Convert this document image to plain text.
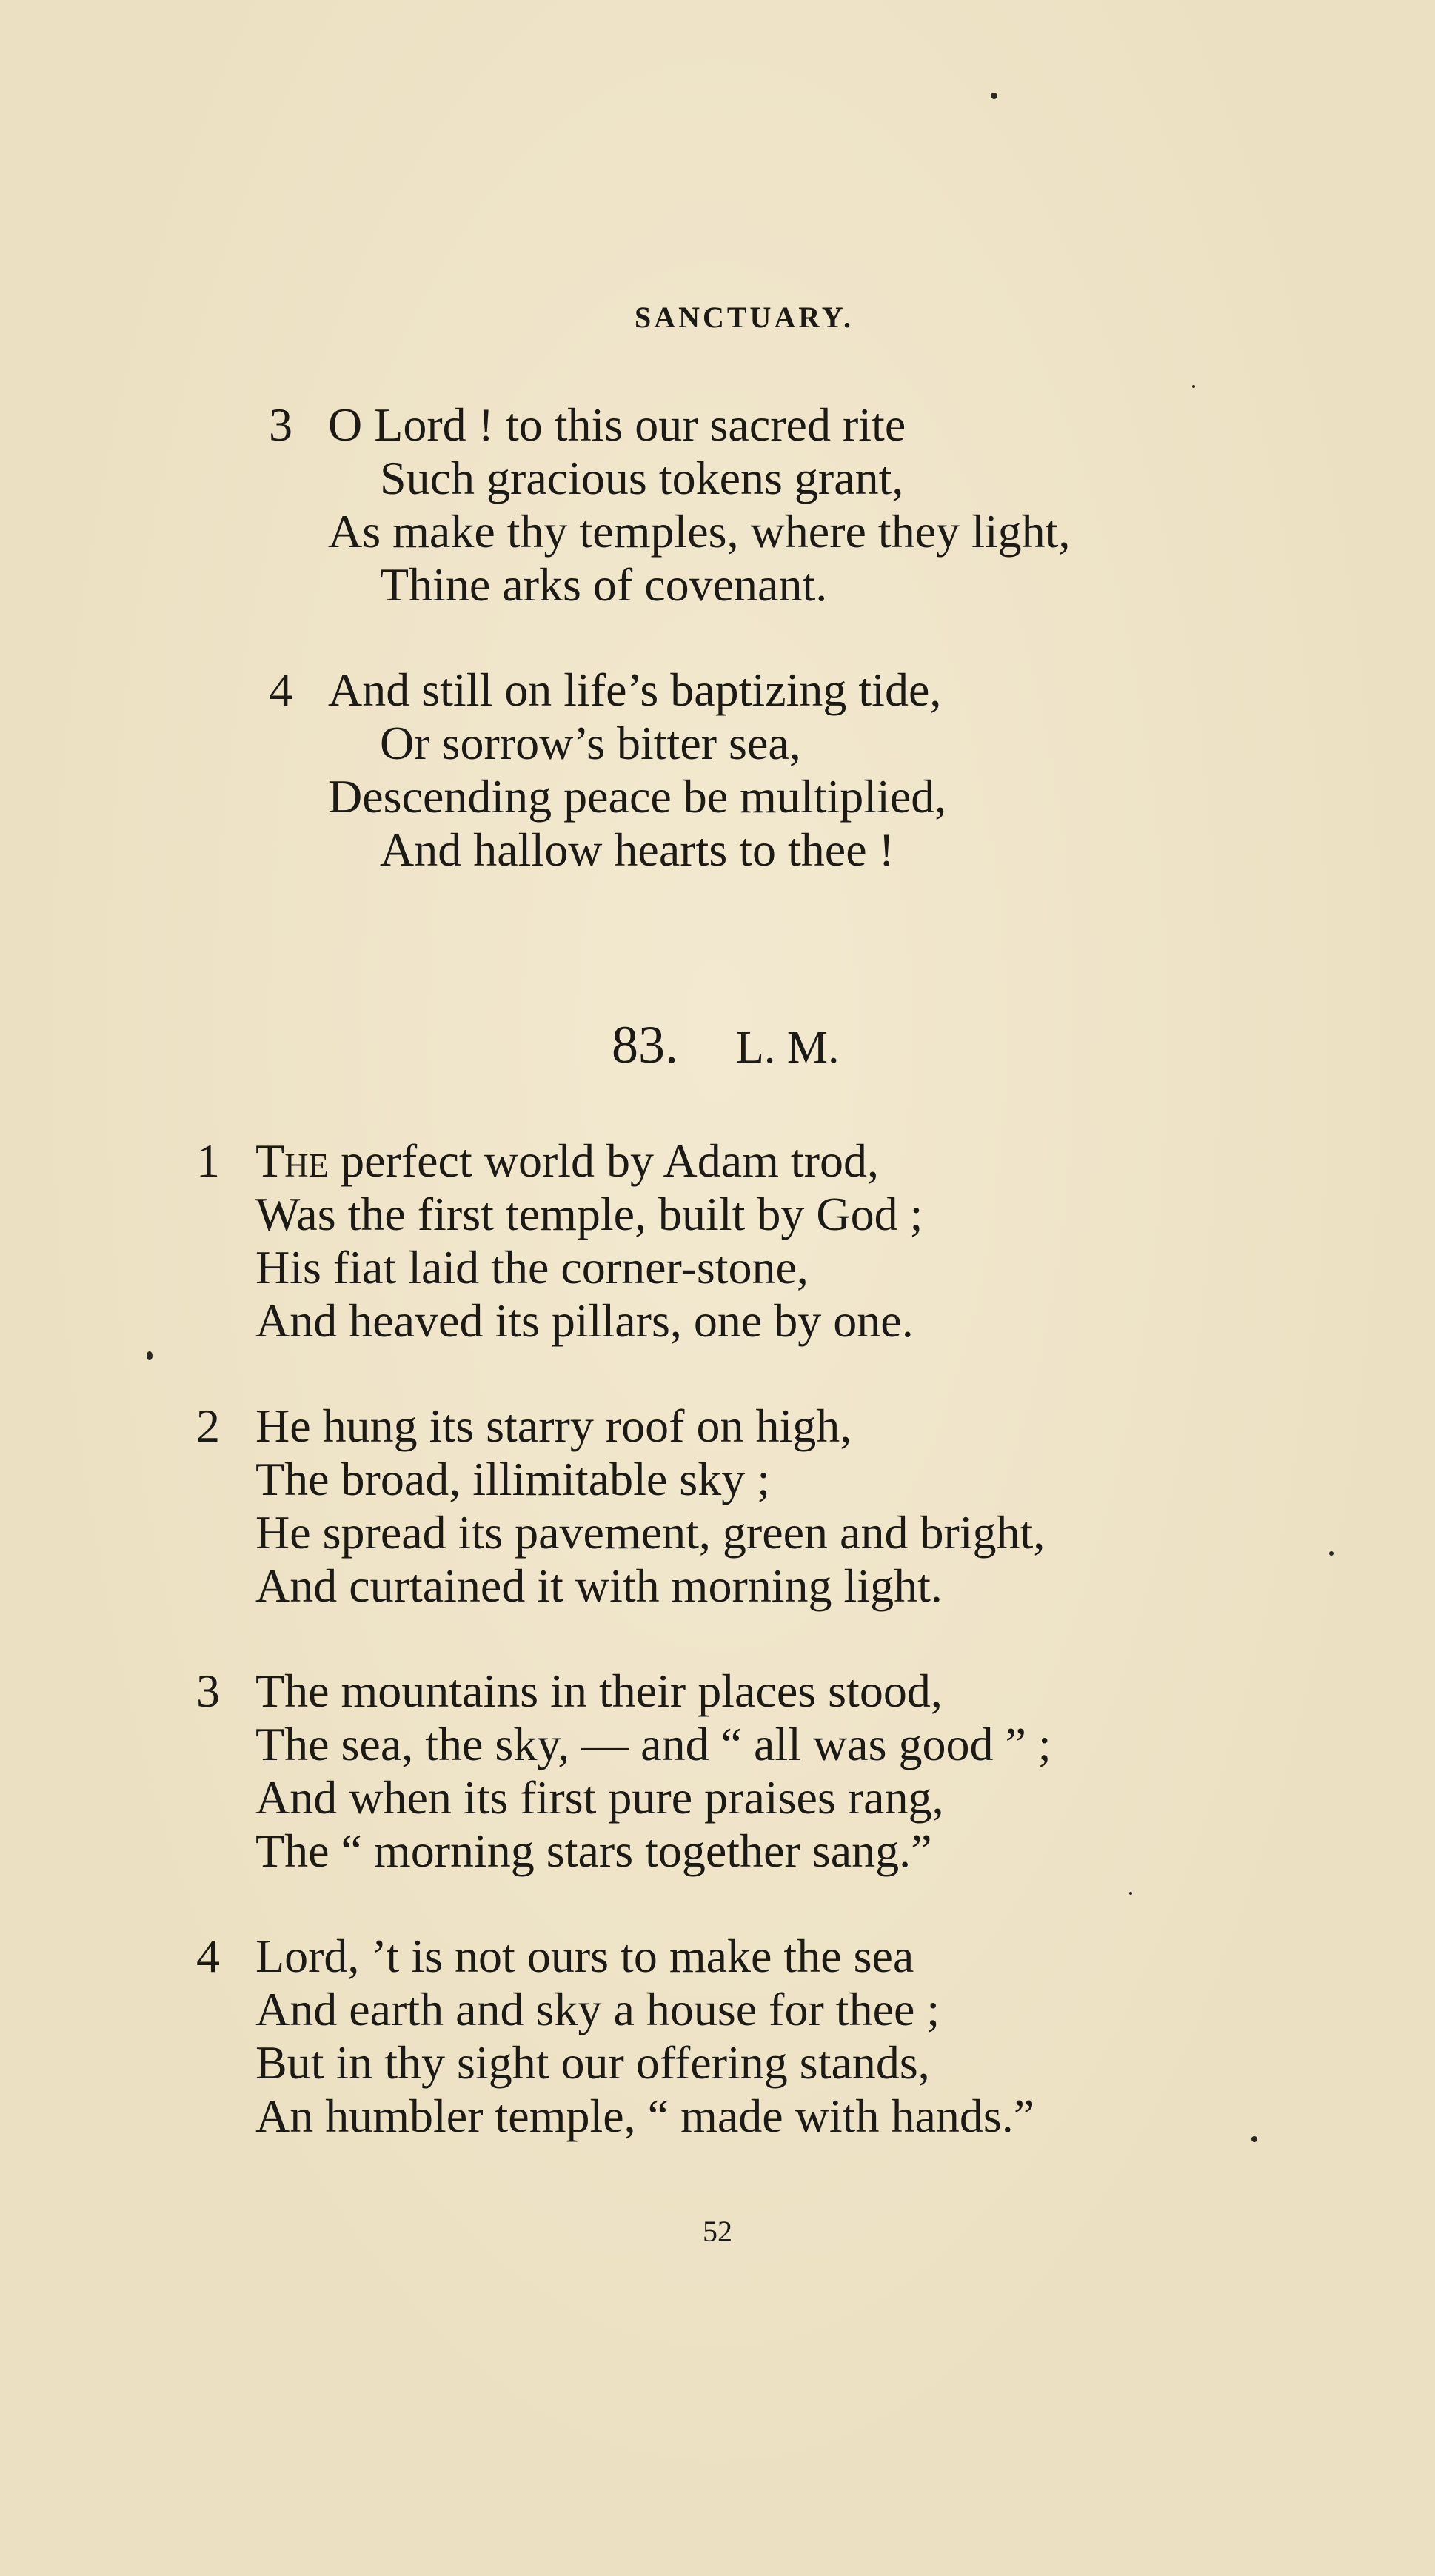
SANCTUARY.
3 O Lord ! to this our sacred rite
Such gracious tokens grant,
As make thy temples, where they light,
Thine arks of covenant.
4 And still on life’s baptizing tide,
Or sorrow’s bitter sea,
Descending peace be multiplied,
And hallow hearts to thee !
83. L. M.
1 The perfect world by Adam trod,
Was the first temple, built by God ;
His fiat laid the corner-stone,
And heaved its pillars, one by one.
2 He hung its starry roof on high,
The broad, illimitable sky ;
He spread its pavement, green and bright,
And curtained it with morning light.
3 The mountains in their places stood,
The sea, the sky, — and “ all was good ” ;
And when its first pure praises rang,
The “ morning stars together sang.”
4 Lord, ’t is not ours to make the sea
And earth and sky a house for thee ;
But in thy sight our offering stands,
An humbler temple, “ made with hands.”
52
